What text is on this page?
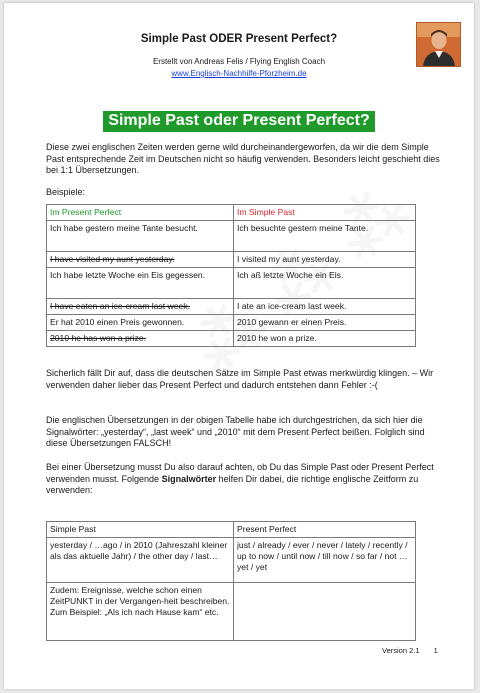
Simple Past ODER Present Perfect?
Erstellt von Andreas Felis / Flying English Coach
www.Englisch-Nachhilfe-Pforzheim.de
Simple Past oder Present Perfect?
Diese zwei englischen Zeiten werden gerne wild durcheinandergeworfen, da wir die dem Simple Past entsprechende Zeit im Deutschen nicht so häufig verwenden. Besonders leicht geschieht dies bei 1:1 Übersetzungen.
Beispiele:
Im Present Perfect	Im Simple Past
Ich habe gestern meine Tante besucht.	Ich besuchte gestern meine Tante.
I have visited my aunt yesterday.	I visited my aunt yesterday.
Ich habe letzte Woche ein Eis gegessen.	Ich aß letzte Woche ein Eis.
I have eaten an ice-cream last week.	I ate an ice-cream last week.
Er hat 2010 einen Preis gewonnen.	2010 gewann er einen Preis.
2010 he has won a prize.	2010 he won a prize.
Sicherlich fällt Dir auf, dass die deutschen Sätze im Simple Past etwas merkwürdig klingen. – Wir verwenden daher lieber das Present Perfect und dadurch entstehen dann Fehler :-(
Die englischen Übersetzungen in der obigen Tabelle habe ich durchgestrichen, da sich hier die Signalwörter: „yesterday“, „last week“ und „2010“ mit dem Present Perfect beißen. Folglich sind diese Übersetzungen FALSCH!
Bei einer Übersetzung musst Du also darauf achten, ob Du das Simple Past oder Present Perfect verwenden musst. Folgende Signalwörter helfen Dir dabei, die richtige englische Zeitform zu verwenden:
Simple Past	Present Perfect
yesterday / …ago / in 2010 (Jahreszahl kleiner als das aktuelle Jahr) / the other day / last…	just / already / ever / never / lately / recently / up to now / until now / till now / so far / not … yet / yet
Zudem: Ereignisse, welche schon einen ZeitPUNKT in der Vergangen-heit beschreiben. Zum Beispiel: „Als ich nach Hause kam“ etc.	
Version 2.1 1
